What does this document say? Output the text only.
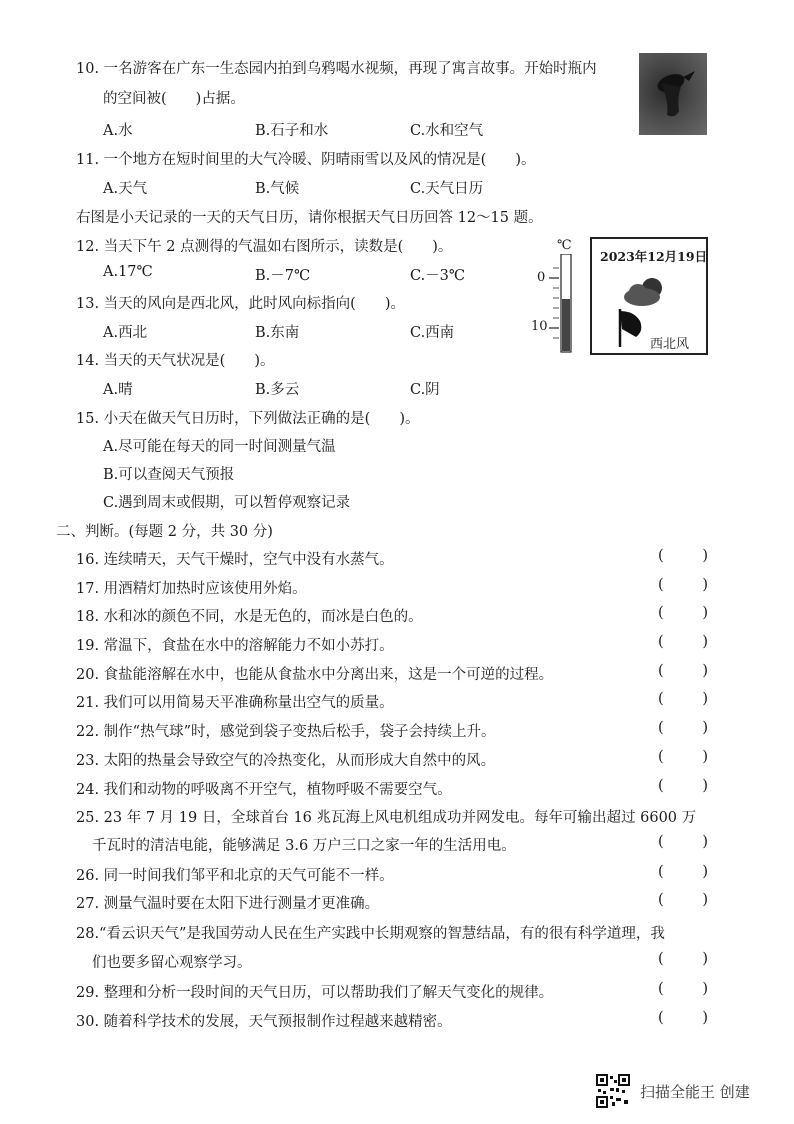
10. 一名游客在广东一生态园内拍到乌鸦喝水视频，再现了寓言故事。开始时瓶内
的空间被(　　)占据。
A.水	B.石子和水	C.水和空气
11. 一个地方在短时间里的大气冷暖、阴晴雨雪以及风的情况是(　　)。
A.天气	B.气候	C.天气日历
右图是小天记录的一天的天气日历，请你根据天气日历回答 12～15 题。
12. 当天下午 2 点测得的气温如右图所示，读数是(　　)。
A.17℃	B.－7℃	C.－3℃
13. 当天的风向是西北风，此时风向标指向(　　)。
A.西北	B.东南	C.西南
14. 当天的天气状况是(　　)。
A.晴	B.多云	C.阴
15. 小天在做天气日历时，下列做法正确的是(　　)。
A.尽可能在每天的同一时间测量气温
B.可以查阅天气预报
C.遇到周末或假期，可以暂停观察记录
℃
0
10
2023年12月19日
西北风
二、判断。(每题 2 分，共 30 分)
16. 连续晴天，天气干燥时，空气中没有水蒸气。	(	)
17. 用酒精灯加热时应该使用外焰。	(	)
18. 水和冰的颜色不同，水是无色的，而冰是白色的。	(	)
19. 常温下，食盐在水中的溶解能力不如小苏打。	(	)
20. 食盐能溶解在水中，也能从食盐水中分离出来，这是一个可逆的过程。	(	)
21. 我们可以用简易天平准确称量出空气的质量。	(	)
22. 制作“热气球”时，感觉到袋子变热后松手，袋子会持续上升。	(	)
23. 太阳的热量会导致空气的冷热变化，从而形成大自然中的风。	(	)
24. 我们和动物的呼吸离不开空气，植物呼吸不需要空气。	(	)
25. 23 年 7 月 19 日，全球首台 16 兆瓦海上风电机组成功并网发电。每年可输出超过 6600 万
千瓦时的清洁电能，能够满足 3.6 万户三口之家一年的生活用电。	(	)
26. 同一时间我们邹平和北京的天气可能不一样。	(	)
27. 测量气温时要在太阳下进行测量才更准确。	(	)
28.“看云识天气”是我国劳动人民在生产实践中长期观察的智慧结晶，有的很有科学道理，我
们也要多留心观察学习。	(	)
29. 整理和分析一段时间的天气日历，可以帮助我们了解天气变化的规律。	(	)
30. 随着科学技术的发展，天气预报制作过程越来越精密。	(	)
扫描全能王 创建
